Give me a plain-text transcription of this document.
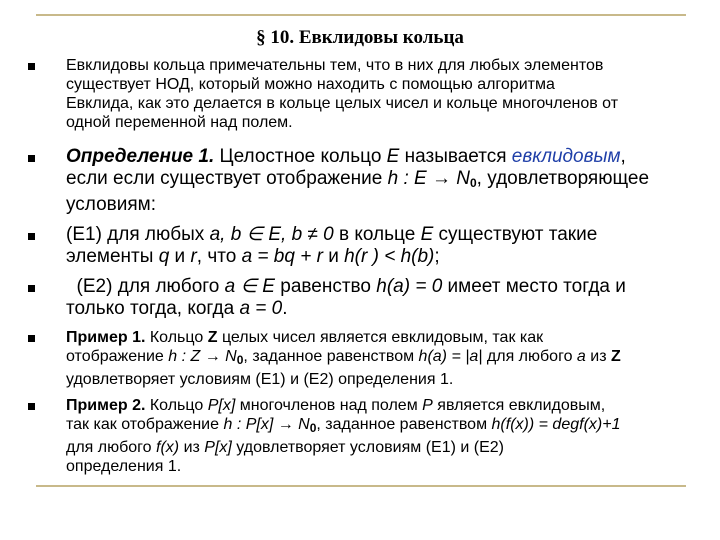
§ 10. Евклидовы кольца
Евклидовы кольца примечательны тем, что в них для любых элементов
существует НОД, который можно находить с помощью алгоритма
Евклида, как это делается в кольце целых чисел и кольце многочленов от
одной переменной над полем.
Определение 1. Целостное кольцо E называется евклидовым,
если если существует отображение h : $E \to N_0$, удовлетворяющее
условиям:
(E1) для любых a, b ∈ E, b ≠ 0 в кольце E существуют такие
элементы q и r, что a = bq + r и h(r ) < h(b);
(E2) для любого a ∈ E равенство h(a) = 0 имеет место тогда и
только тогда, когда a = 0.
Пример 1. Кольцо Z целых чисел является евклидовым, так как
отображение h : $Z \to N_0$, заданное равенством h(a) = |a| для любого a из Z
удовлетворяет условиям (E1) и (E2) определения 1.
Пример 2. Кольцо P[x] многочленов над полем P является евклидовым,
так как отображение h : $P[x] \to N_0$, заданное равенством h(f(x)) = degf(x)+1
для любого f(x) из P[x] удовлетворяет условиям (E1) и (E2)
определения 1.
